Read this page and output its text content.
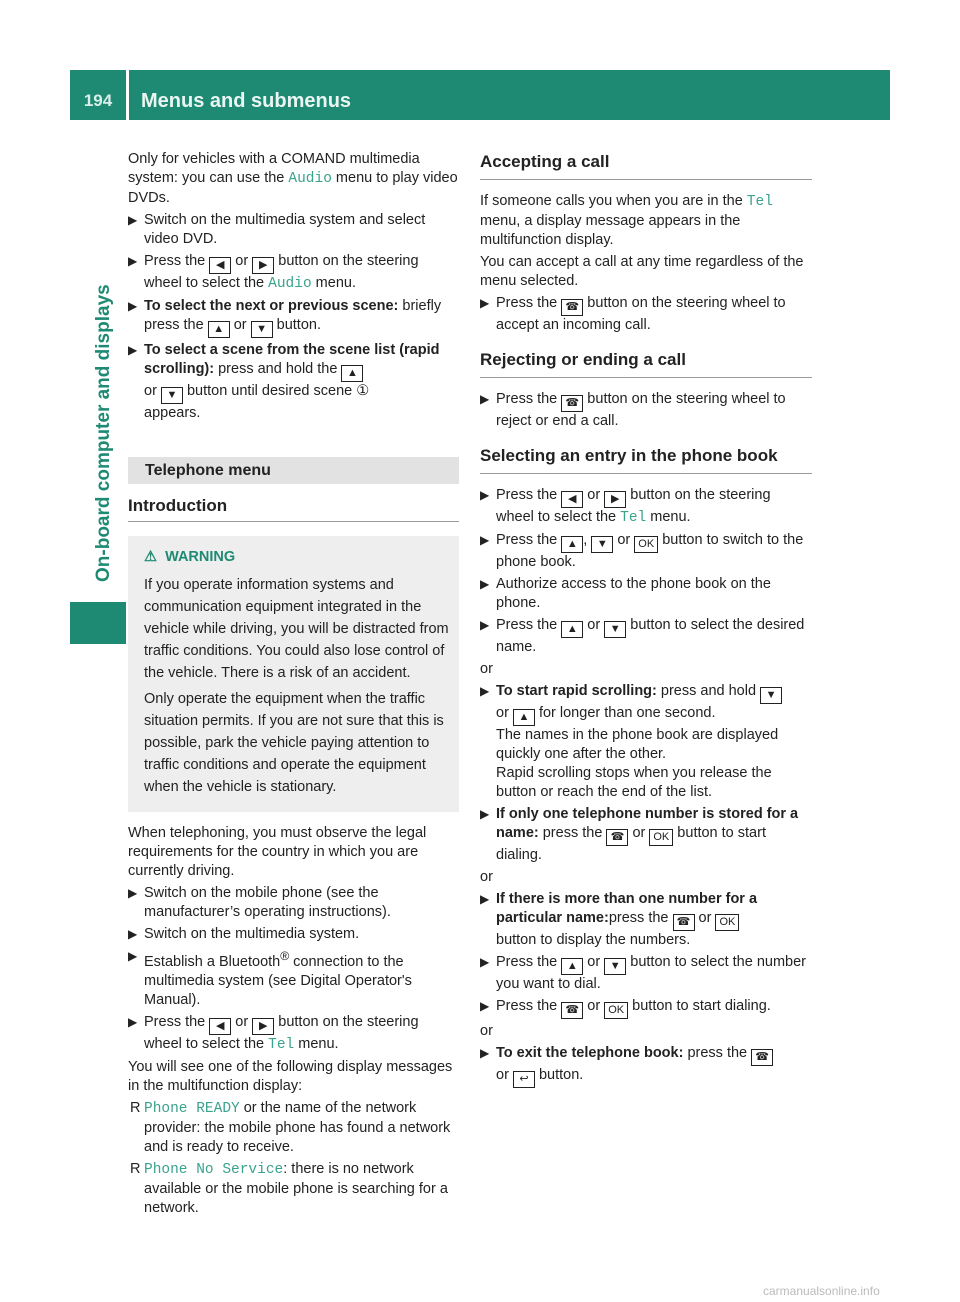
194	Menus and submenus
On-board computer and displays

Only for vehicles with a COMAND multimedia system: you can use the Audio menu to play video DVDs.

▶ Switch on the multimedia system and select video DVD.
▶ Press the ◀ or ▶ button on the steering wheel to select the Audio menu.
▶ To select the next or previous scene: briefly press the ▲ or ▼ button.
▶ To select a scene from the scene list (rapid scrolling): press and hold the ▲
or ▼ button until desired scene ①
appears.
Telephone menu
Introduction
⚠ WARNING

If you operate information systems and communication equipment integrated in the vehicle while driving, you will be distracted from traffic conditions. You could also lose control of the vehicle. There is a risk of an accident.

Only operate the equipment when the traffic situation permits. If you are not sure that this is possible, park the vehicle paying attention to traffic conditions and operate the equipment when the vehicle is stationary.

When telephoning, you must observe the legal requirements for the country in which you are currently driving.

▶ Switch on the mobile phone (see the manufacturer’s operating instructions).
▶ Switch on the multimedia system.
▶ Establish a Bluetooth® connection to the multimedia system (see Digital Operator's Manual).
▶ Press the ◀ or ▶ button on the steering wheel to select the Tel menu.

You will see one of the following display messages in the multifunction display:

R Phone READY or the name of the network provider: the mobile phone has found a network and is ready to receive.
R Phone No Service: there is no network available or the mobile phone is searching for a network.
Accepting a call

If someone calls you when you are in the Tel menu, a display message appears in the multifunction display.

You can accept a call at any time regardless of the menu selected.

▶ Press the ☎ button on the steering wheel to accept an incoming call.
Rejecting or ending a call
▶ Press the ☎ button on the steering wheel to reject or end a call.
Selecting an entry in the phone book
▶ Press the ◀ or ▶ button on the steering wheel to select the Tel menu.
▶ Press the ▲ , ▼ or OK button to switch to the phone book.
▶ Authorize access to the phone book on the phone.
▶ Press the ▲ or ▼ button to select the desired name.

or

▶ To start rapid scrolling: press and hold ▼
or ▲ for longer than one second.
The names in the phone book are displayed quickly one after the other.
Rapid scrolling stops when you release the button or reach the end of the list.
▶ If only one telephone number is stored for a name: press the ☎ or OK button to start dialing.

or

▶ If there is more than one number for a particular name:press the ☎ or OK
button to display the numbers.
▶ Press the ▲ or ▼ button to select the number you want to dial.
▶ Press the ☎ or OK button to start dialing.

or

▶ To exit the telephone book: press the ☎
or ↩ button.
carmanualsonline.info
